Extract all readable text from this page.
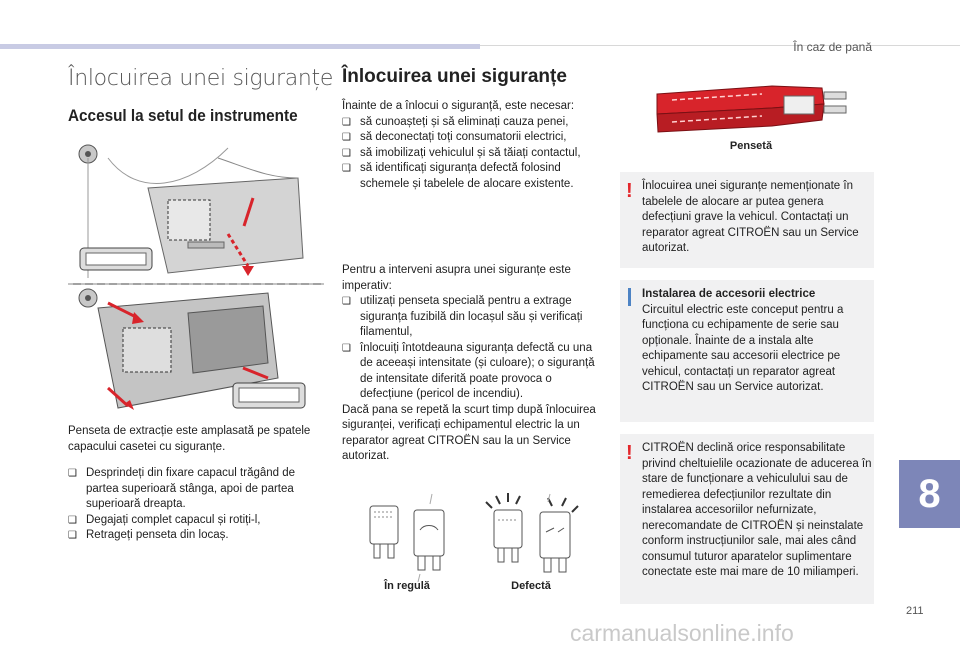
În caz de pană
Înlocuirea unei siguranțe
Accesul la setul de instrumente
Penseta de extracție este amplasată pe spatele capacului casetei cu siguranțe.
❑ Desprindeți din fixare capacul trăgând de partea superioară stânga, apoi de partea superioară dreapta.
❑ Degajați complet capacul și rotiți-l,
❑ Retrageți penseta din locaș.
Înlocuirea unei siguranțe

Înainte de a înlocui o siguranță, este necesar:

❑ să cunoașteți și să eliminați cauza penei,
❑ să deconectați toți consumatorii electrici,
❑ să imobilizați vehiculul și să tăiați contactul,
❑ să identificați siguranța defectă folosind schemele și tabelele de alocare existente.

Pentru a interveni asupra unei siguranțe este imperativ:

❑ utilizați penseta specială pentru a extrage siguranța fuzibilă din locașul său și verificați filamentul,
❑ înlocuiți întotdeauna siguranța defectă cu una de aceeași intensitate (și culoare); o siguranță de intensitate diferită poate provoca o defecțiune (pericol de incendiu).

Dacă pana se repetă la scurt timp după înlocuirea siguranței, verificați echipamentul electric la un reparator agreat CITROËN sau la un Service autorizat.

În regulă	Defectă
Pensetă
! Înlocuirea unei siguranțe nemenționate în tabelele de alocare ar putea genera defecțiuni grave la vehicul. Contactați un reparator agreat CITROËN sau un Service autorizat.

Instalarea de accesorii electrice

Circuitul electric este conceput pentru a funcționa cu echipamente de serie sau opționale. Înainte de a instala alte echipamente sau accesorii electrice pe vehicul, contactați un reparator agreat CITROËN sau un Service autorizat.

! CITROËN declină orice responsabilitate privind cheltuielile ocazionate de aducerea în stare de funcționare a vehiculului sau de remedierea defecțiunilor rezultate din instalarea accesoriilor nefurnizate, nerecomandate de CITROËN și neinstalate conform instrucțiunilor sale, mai ales când consumul tuturor aparatelor suplimentare conectate este mai mare de 10 miliamperi.
8
211
carmanualsonline.info
